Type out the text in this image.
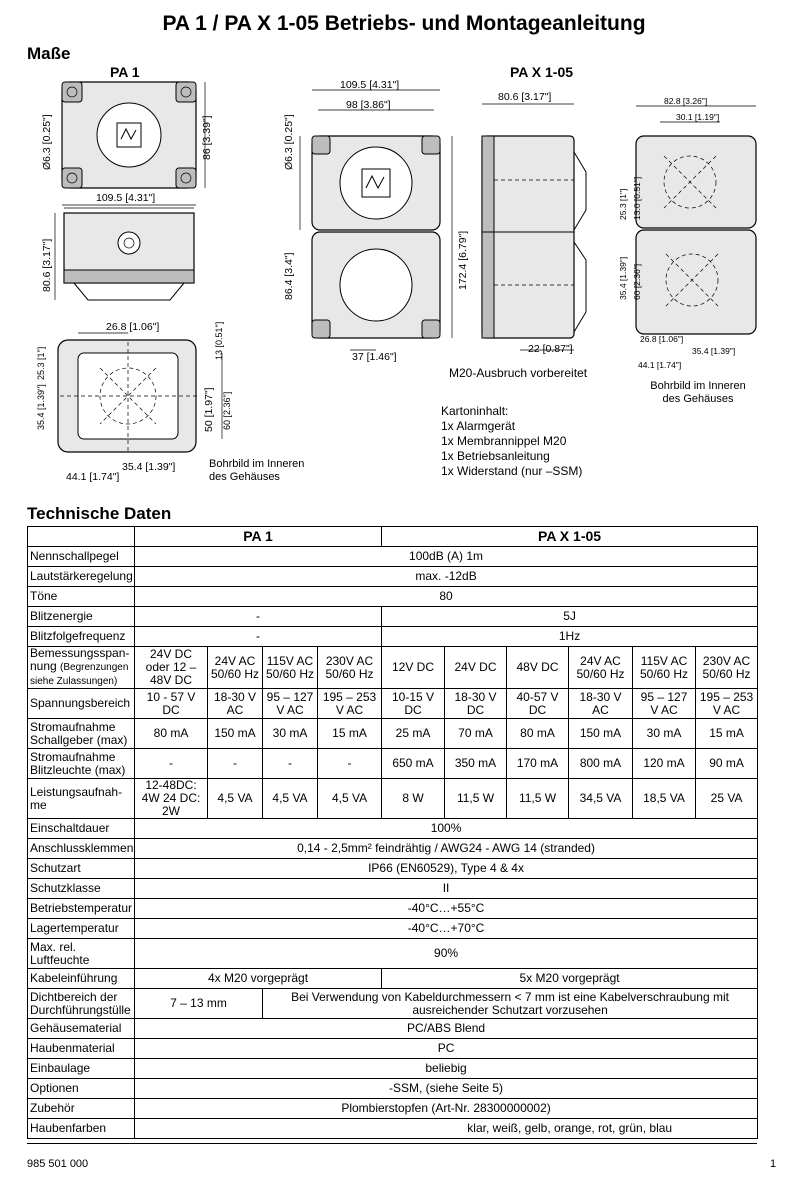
PA 1 / PA X 1-05 Betriebs- und Montageanleitung
Maße
PA 1	PA X 1-05
109.5 [4.31"]
86 [3.39"]
Ø6.3 [0.25"]
80.6 [3.17"]
26.8 [1.06"]	13 [0.51"]
25.3 [1"]
35.4 [1.39"]	50 [1.97"] 60 [2.36"]
44.1 [1.74"]
35.4 [1.39"]
109.5 [4.31"]
98 [3.86"]
Ø6.3 [0.25"]
86.4 [3.4"]	172.4 [6.79"]
37 [1.46"]
80.6 [3.17"]
22 [0.87"]
82.8 [3.26"]
30.1 [1.19"]
25.3 [1"] 13.0 [0.51"]
35.4 [1.39"] 60 [2.36"]
26.8 [1.06"]
44.1 [1.74"]
35.4 [1.39"]
M20-Ausbruch vorbereitet
Bohrbild im Inneren des Gehäuses
Bohrbild im Inneren des Gehäuses
Kartoninhalt:
1x Alarmgerät
1x Membrannippel M20
1x Betriebsanleitung
1x Widerstand (nur –SSM)
Technische Daten
	PA 1				PA X 1-05					
Nennschallpegel	100dB (A) 1m									
Lautstärkeregelung	max. -12dB									
Töne	80									
Blitzenergie	-				5J					
Blitzfolgefrequenz	-				1Hz					
Bemessungsspan-nung (Begrenzungen siehe Zulassungen)	24V DC oder 12 – 48V DC	24V AC 50/60 Hz	115V AC 50/60 Hz	230V AC 50/60 Hz	12V DC	24V DC	48V DC	24V AC 50/60 Hz	115V AC 50/60 Hz	230V AC 50/60 Hz
Spannungsbereich	10 - 57 V DC	18-30 V AC	95 – 127 V AC	195 – 253 V AC	10-15 V DC	18-30 V DC	40-57 V DC	18-30 V AC	95 – 127 V AC	195 – 253 V AC
Stromaufnahme Schallgeber (max)	80 mA	150 mA	30 mA	15 mA	25 mA	70 mA	80 mA	150 mA	30 mA	15 mA
Stromaufnahme Blitzleuchte (max)	-	-	-	-	650 mA	350 mA	170 mA	800 mA	120 mA	90 mA
Leistungsaufnah-me	12-48DC: 4W 24 DC: 2W	4,5 VA	4,5 VA	4,5 VA	8 W	11,5 W	11,5 W	34,5 VA	18,5 VA	25 VA
Einschaltdauer	100%									
Anschlussklemmen	0,14 - 2,5mm² feindrähtig / AWG24 - AWG 14 (stranded)									
Schutzart	IP66 (EN60529), Type 4 & 4x									
Schutzklasse	II									
Betriebstemperatur	-40°C…+55°C									
Lagertemperatur	-40°C…+70°C									
Max. rel. Luftfeuchte	90%									
Kabeleinführung	4x M20 vorgeprägt				5x M20 vorgeprägt					
Dichtbereich der Durchführungstülle	7 – 13 mm		Bei Verwendung von Kabeldurchmessern < 7 mm ist eine Kabelverschraubung mit ausreichender Schutzart vorzusehen							
Gehäusematerial	PC/ABS Blend									
Haubenmaterial	PC									
Einbaulage	beliebig									
Optionen	-SSM, (siehe Seite 5)									
Zubehör	Plombierstopfen (Art-Nr. 28300000002)									
Haubenfarben	klar, weiß, gelb, orange, rot, grün, blau									
985 501 000	1
